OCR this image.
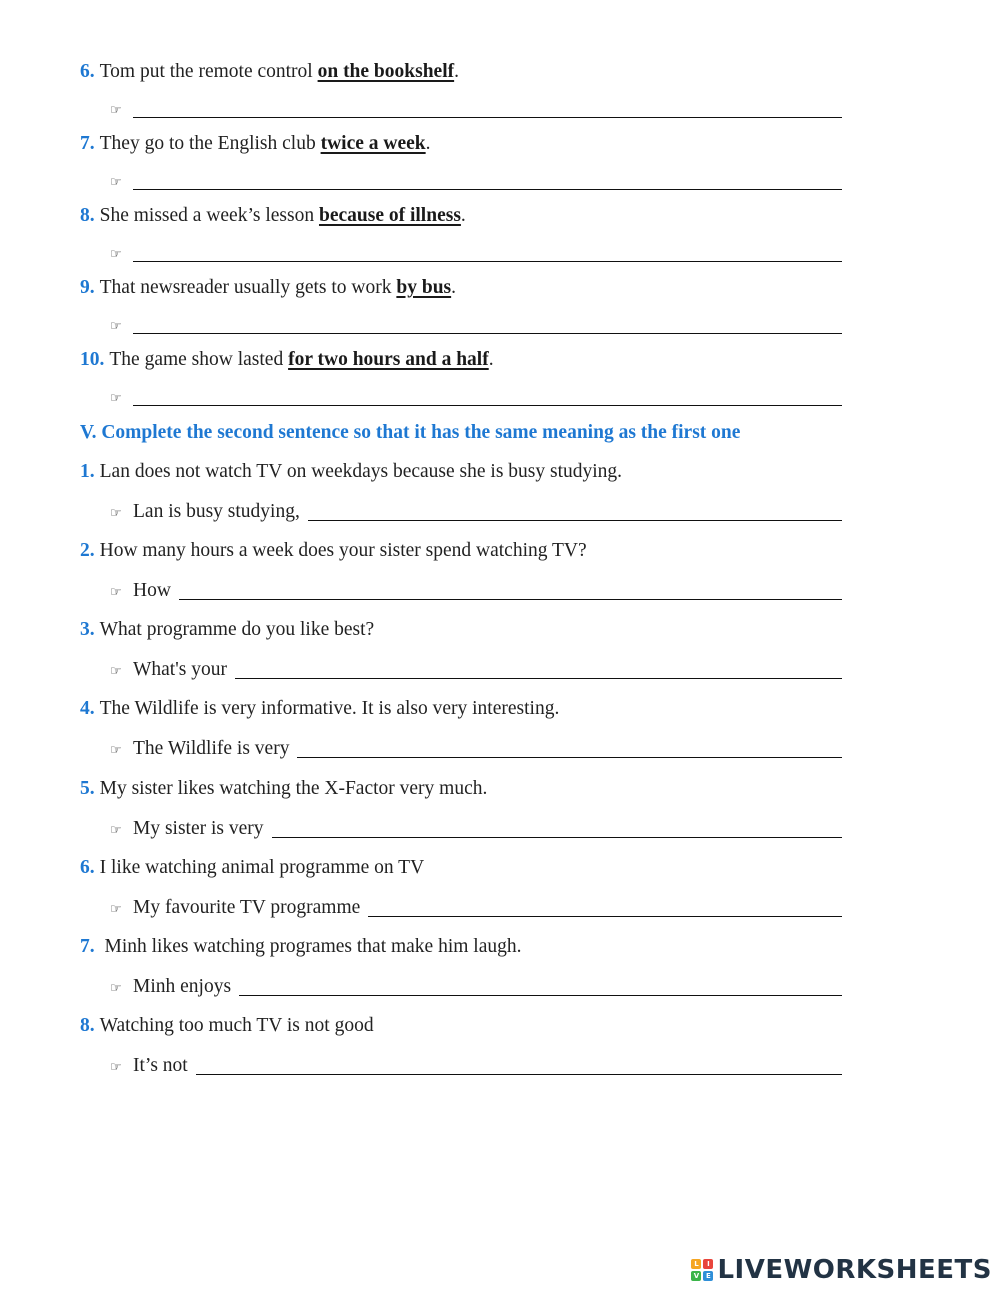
6. Tom put the remote control on the bookshelf.
☞
7. They go to the English club twice a week.
☞
8. She missed a week’s lesson because of illness.
☞
9. That newsreader usually gets to work by bus.
☞
10. The game show lasted for two hours and a half.
☞
V. Complete the second sentence so that it has the same meaning as the first one
1. Lan does not watch TV on weekdays because she is busy studying.
☞ Lan is busy studying,
2. How many hours a week does your sister spend watching TV?
☞ How
3. What programme do you like best?
☞ What's your
4. The Wildlife is very informative. It is also very interesting.
☞ The Wildlife is very
5. My sister likes watching the X-Factor very much.
☞ My sister is very
6. I like watching animal programme on TV
☞ My favourite TV programme
7. Minh likes watching programes that make him laugh.
☞ Minh enjoys
8. Watching too much TV is not good
☞ It’s not
L	I
V E LIVEWORKSHEETS
